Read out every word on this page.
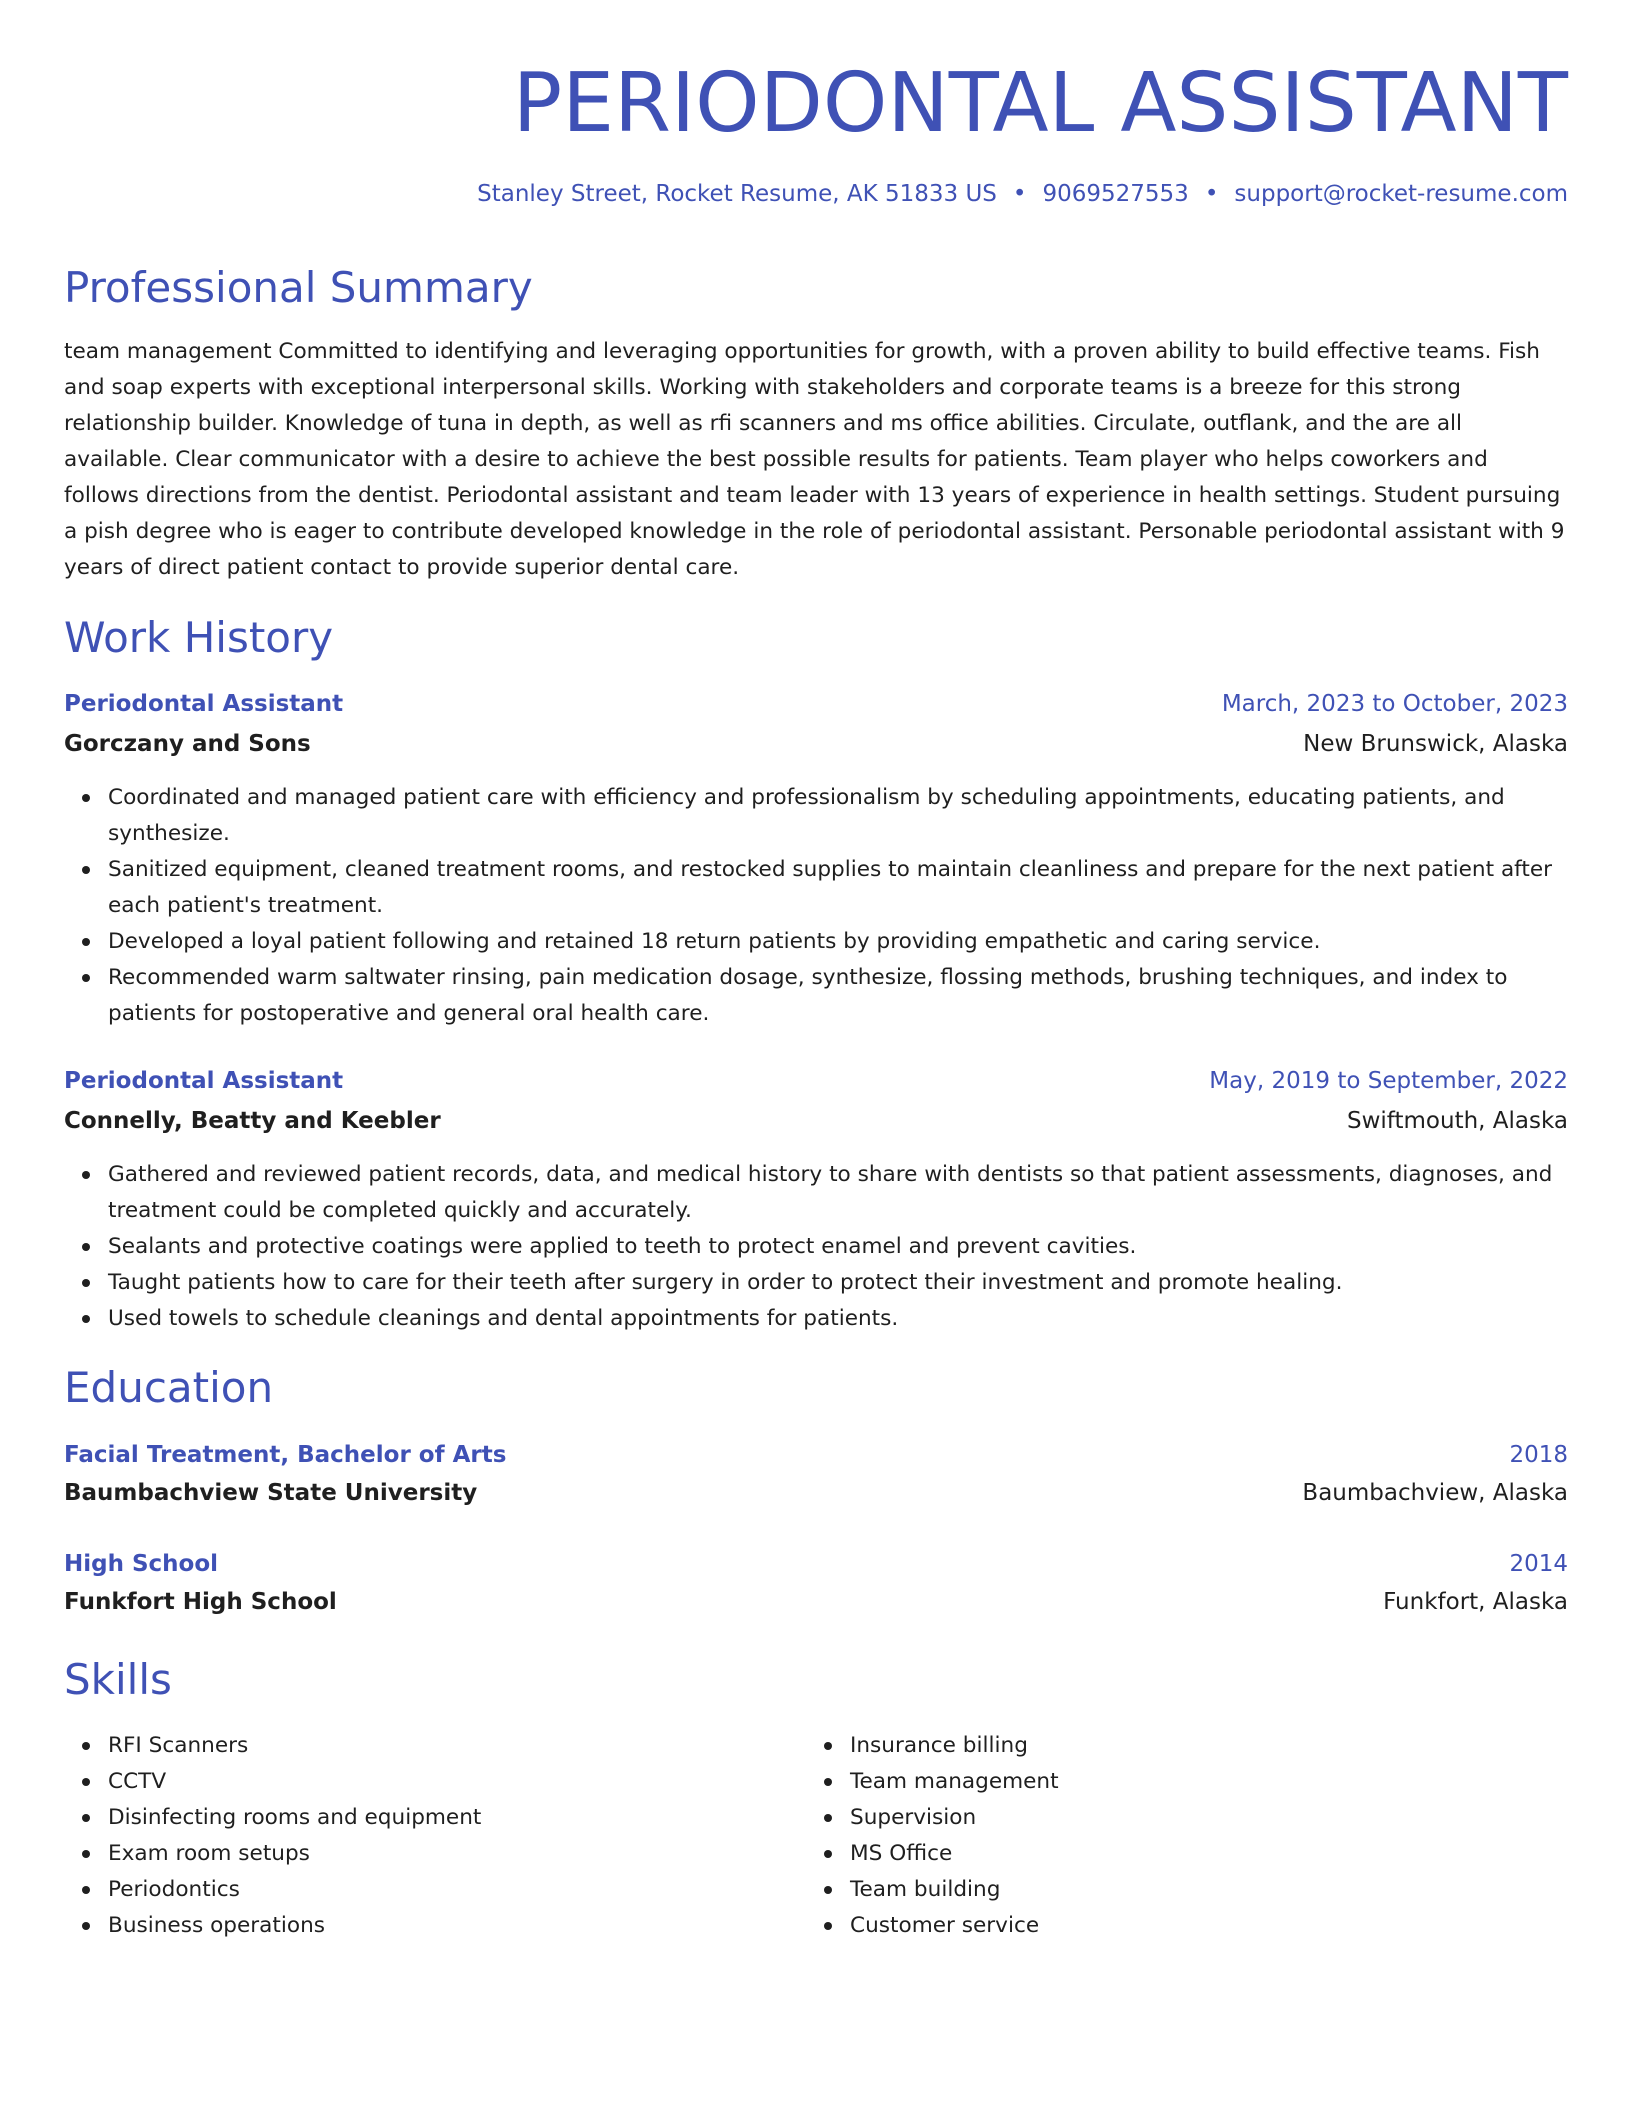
PERIODONTAL ASSISTANT
Stanley Street, Rocket Resume, AK 51833 US • 9069527553 • support@rocket-resume.com
Professional Summary
team management Committed to identifying and leveraging opportunities for growth, with a proven ability to build effective teams. Fish and soap experts with exceptional interpersonal skills. Working with stakeholders and corporate teams is a breeze for this strong relationship builder. Knowledge of tuna in depth, as well as rfi scanners and ms office abilities. Circulate, outflank, and the are all available. Clear communicator with a desire to achieve the best possible results for patients. Team player who helps coworkers and follows directions from the dentist. Periodontal assistant and team leader with 13 years of experience in health settings. Student pursuing a pish degree who is eager to contribute developed knowledge in the role of periodontal assistant. Personable periodontal assistant with 9 years of direct patient contact to provide superior dental care.
Work History
Periodontal Assistant	March, 2023 to October, 2023
Gorczany and Sons	New Brunswick, Alaska
Coordinated and managed patient care with efficiency and professionalism by scheduling appointments, educating patients, and synthesize.
Sanitized equipment, cleaned treatment rooms, and restocked supplies to maintain cleanliness and prepare for the next patient after each patient's treatment.
Developed a loyal patient following and retained 18 return patients by providing empathetic and caring service.
Recommended warm saltwater rinsing, pain medication dosage, synthesize, flossing methods, brushing techniques, and index to patients for postoperative and general oral health care.
Periodontal Assistant	May, 2019 to September, 2022
Connelly, Beatty and Keebler	Swiftmouth, Alaska
Gathered and reviewed patient records, data, and medical history to share with dentists so that patient assessments, diagnoses, and treatment could be completed quickly and accurately.
Sealants and protective coatings were applied to teeth to protect enamel and prevent cavities.
Taught patients how to care for their teeth after surgery in order to protect their investment and promote healing.
Used towels to schedule cleanings and dental appointments for patients.
Education
Facial Treatment, Bachelor of Arts	2018
Baumbachview State University	Baumbachview, Alaska
High School	2014
Funkfort High School	Funkfort, Alaska
Skills
RFI Scanners
CCTV
Disinfecting rooms and equipment
Exam room setups
Periodontics
Business operations
Insurance billing
Team management
Supervision
MS Office
Team building
Customer service
